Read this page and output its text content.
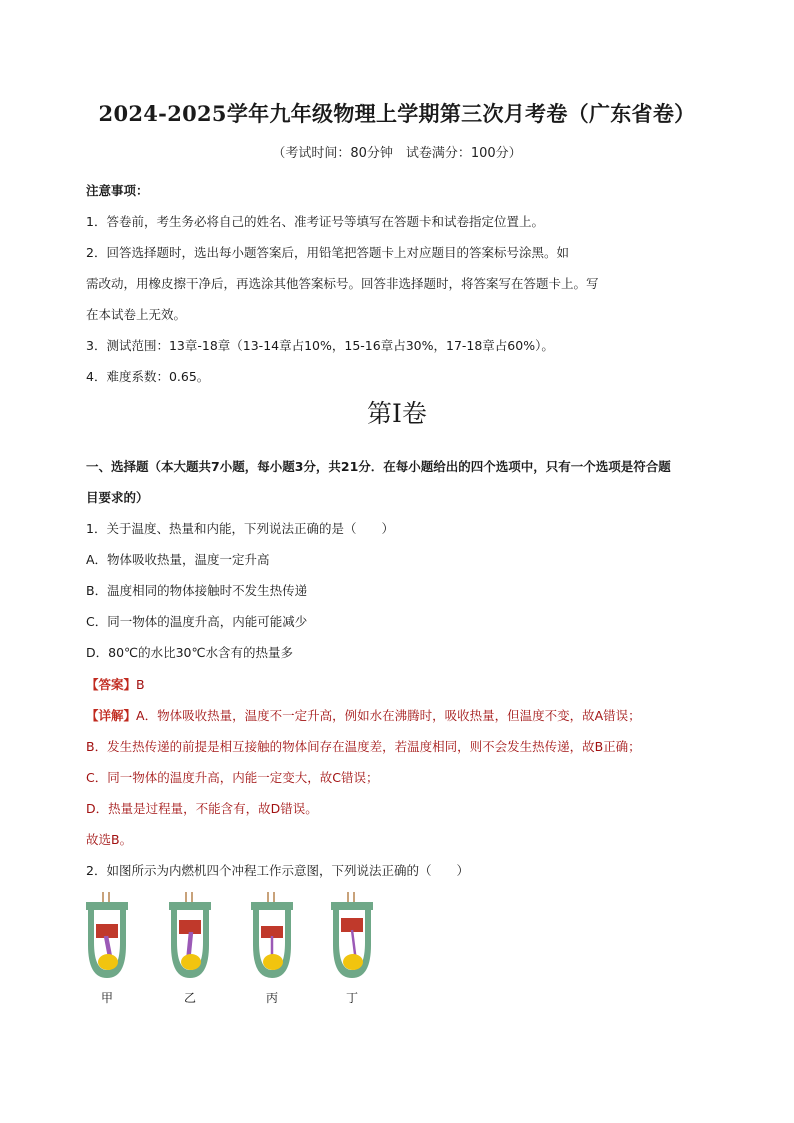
2024-2025学年九年级物理上学期第三次月考卷（广东省卷）
（考试时间：80分钟　试卷满分：100分）
注意事项：
1．答卷前，考生务必将自己的姓名、准考证号等填写在答题卡和试卷指定位置上。
2．回答选择题时，选出每小题答案后，用铅笔把答题卡上对应题目的答案标号涂黑。如
需改动，用橡皮擦干净后，再选涂其他答案标号。回答非选择题时，将答案写在答题卡上。写
在本试卷上无效。
3．测试范围：13章-18章（13-14章占10%，15-16章占30%，17-18章占60%）。
4．难度系数：0.65。
第Ⅰ卷
一、选择题（本大题共7小题，每小题3分，共21分．在每小题给出的四个选项中，只有一个选项是符合题
目要求的）
1．关于温度、热量和内能，下列说法正确的是（　　）
A．物体吸收热量，温度一定升高
B．温度相同的物体接触时不发生热传递
C．同一物体的温度升高，内能可能减少
D．80℃的水比30℃水含有的热量多
【答案】B
【详解】A．物体吸收热量，温度不一定升高，例如水在沸腾时，吸收热量，但温度不变，故A错误；
B．发生热传递的前提是相互接触的物体间存在温度差，若温度相同，则不会发生热传递，故B正确；
C．同一物体的温度升高，内能一定变大，故C错误；
D．热量是过程量，不能含有，故D错误。
故选B。
2．如图所示为内燃机四个冲程工作示意图，下列说法正确的（　　）
甲	乙	丙	丁
